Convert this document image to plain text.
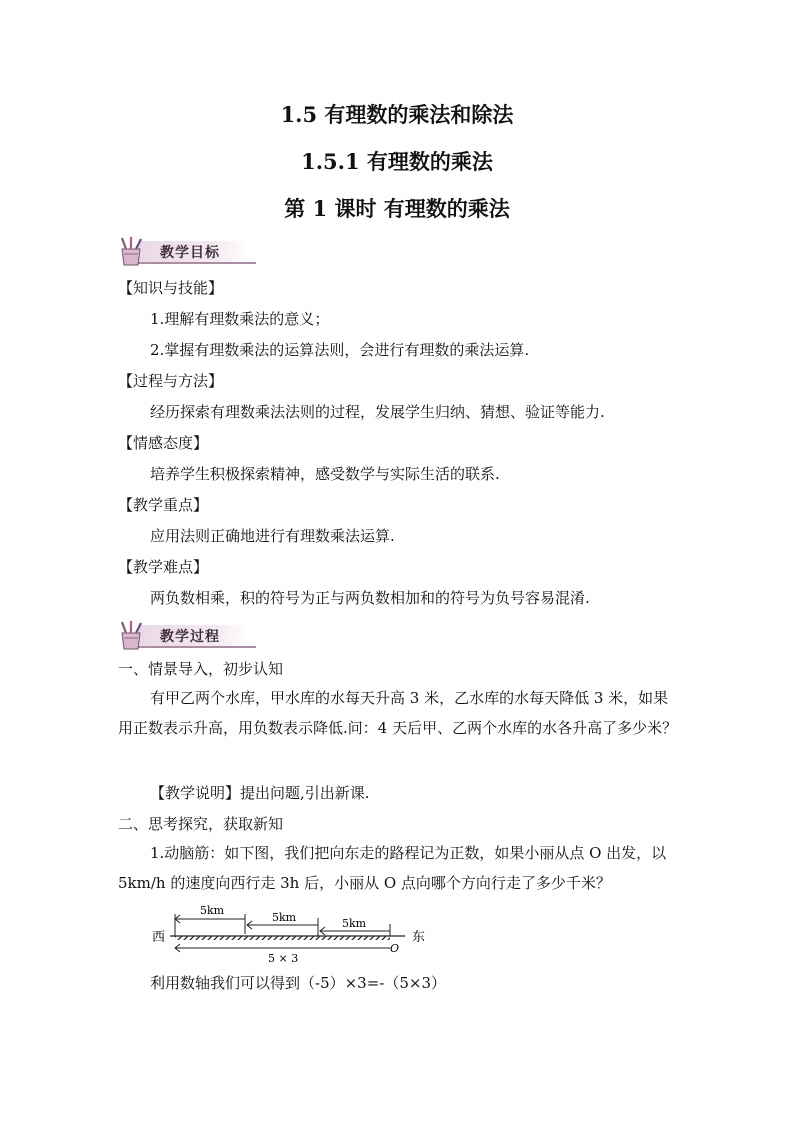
1.5 有理数的乘法和除法
1.5.1 有理数的乘法
第 1 课时 有理数的乘法
教学目标
【知识与技能】
1.理解有理数乘法的意义；
2.掌握有理数乘法的运算法则，会进行有理数的乘法运算.
【过程与方法】
经历探索有理数乘法法则的过程，发展学生归纳、猜想、验证等能力.
【情感态度】
培养学生积极探索精神，感受数学与实际生活的联系.
【教学重点】
应用法则正确地进行有理数乘法运算.
【教学难点】
两负数相乘，积的符号为正与两负数相加和的符号为负号容易混淆.
教学过程
一、情景导入，初步认知
有甲乙两个水库，甲水库的水每天升高 3 米，乙水库的水每天降低 3 米，如果用正数表示升高，用负数表示降低.问：4 天后甲、乙两个水库的水各升高了多少米？
【教学说明】提出问题,引出新课.
二、思考探究，获取新知
1.动脑筋：如下图，我们把向东走的路程记为正数，如果小丽从点 O 出发，以 5km/h 的速度向西行走 3h 后，小丽从 O 点向哪个方向行走了多少千米？
5km
5km	5km
西	东
O
5 × 3
利用数轴我们可以得到（-5）×3=-（5×3）
